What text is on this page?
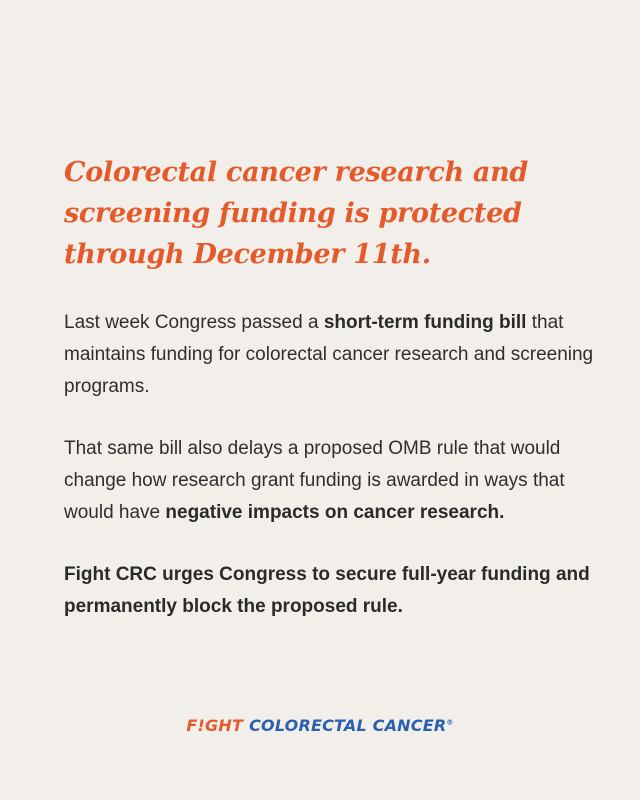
Colorectal cancer research and screening funding is protected through December 11th.

Last week Congress passed a short-term funding bill that maintains funding for colorectal cancer research and screening programs.

That same bill also delays a proposed OMB rule that would change how research grant funding is awarded in ways that would have negative impacts on cancer research.

Fight CRC urges Congress to secure full-year funding and permanently block the proposed rule.

F!GHT COLORECTAL CANCER®
